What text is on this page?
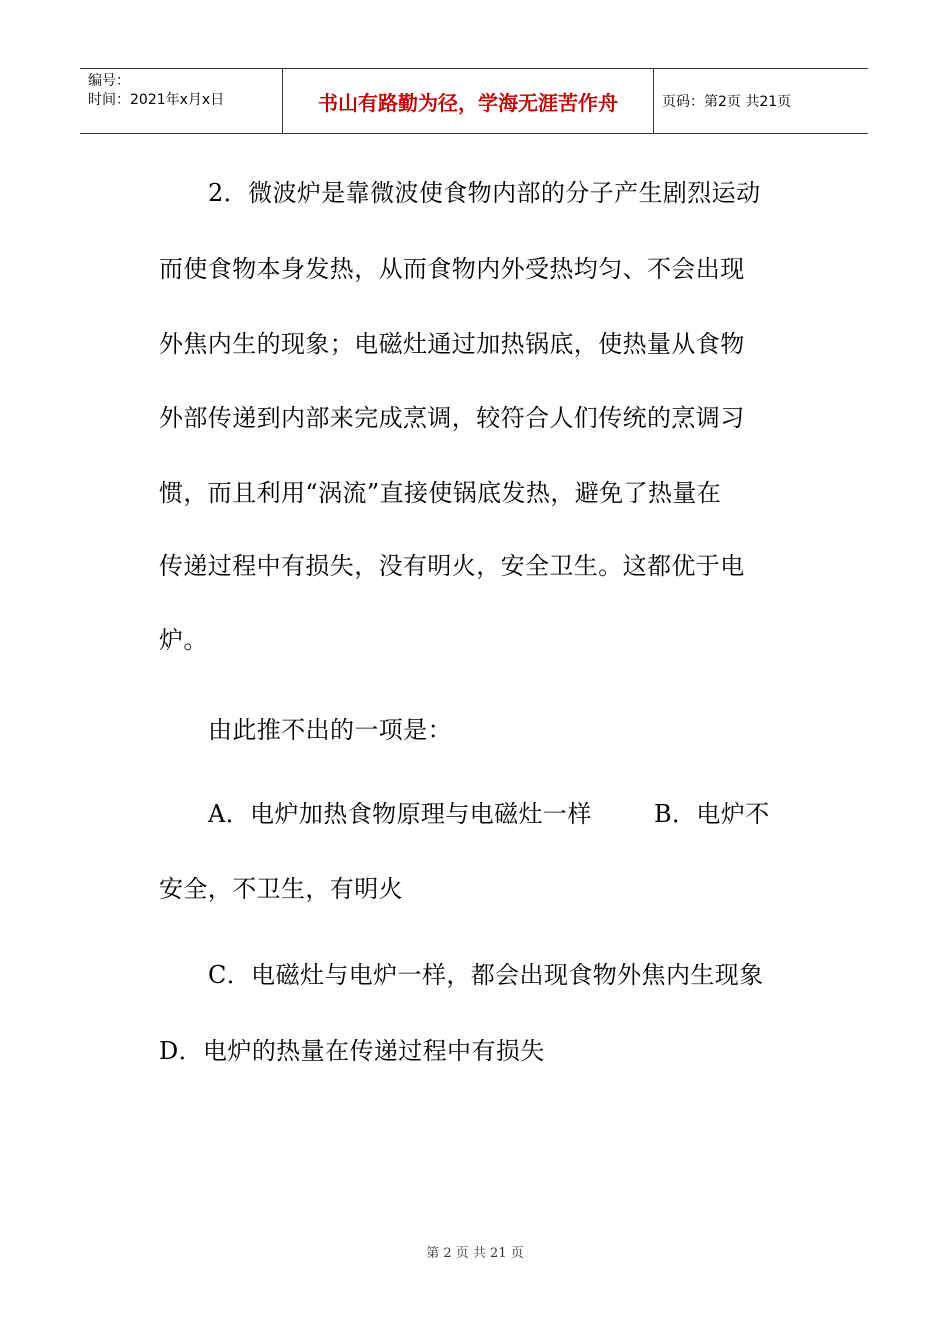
编号：
时间：2021年x月x日	书山有路勤为径，学海无涯苦作舟	页码：第2页 共21页
2．微波炉是靠微波使食物内部的分子产生剧烈运动
而使食物本身发热，从而食物内外受热均匀、不会出现
外焦内生的现象；电磁灶通过加热锅底，使热量从食物
外部传递到内部来完成烹调，较符合人们传统的烹调习
惯，而且利用“涡流”直接使锅底发热，避免了热量在
传递过程中有损失，没有明火，安全卫生。这都优于电
炉。
由此推不出的一项是：
A．电炉加热食物原理与电磁灶一样	B．电炉不
安全，不卫生，有明火
C．电磁灶与电炉一样，都会出现食物外焦内生现象
D．电炉的热量在传递过程中有损失
第 2 页 共 21 页
